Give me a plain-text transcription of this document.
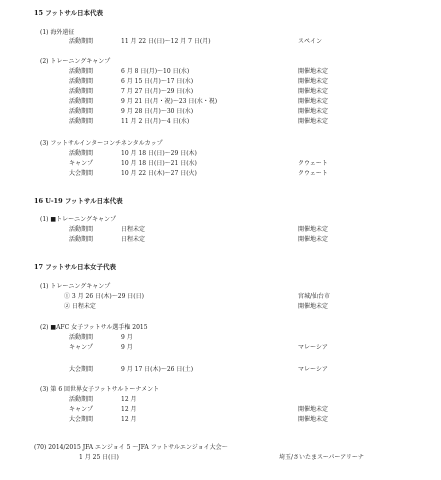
15 フットサル日本代表
(1) 海外遠征
活動期間	11 月 22 日(日)～12 月 7 日(月)	スペイン
(2) トレーニングキャンプ
活動期間	6 月 8 日(月)～10 日(水)	開催地未定
活動期間	6 月 15 日(月)～17 日(水)	開催地未定
活動期間	7 月 27 日(月)～29 日(水)	開催地未定
活動期間	9 月 21 日(月・祝)～23 日(水・祝)	開催地未定
活動期間	9 月 28 日(月)～30 日(水)	開催地未定
活動期間	11 月 2 日(月)～4 日(水)	開催地未定
(3) フットサルインターコンチネンタルカップ
活動期間	10 月 18 日(日)～29 日(木)
キャンプ	10 月 18 日(日)～21 日(水)	クウェート
大会期間	10 月 22 日(木)～27 日(火)	クウェート
16 U-19 フットサル日本代表
(1) ■トレーニングキャンプ
活動期間	日程未定	開催地未定
活動期間	日程未定	開催地未定
17 フットサル日本女子代表
(1) トレーニングキャンプ
① 3 月 26 日(木)～29 日(日)	宮城/仙台市
② 日程未定	開催地未定
(2) ■AFC 女子フットサル選手権 2015
活動期間	9 月
キャンプ	9 月	マレーシア
大会期間	9 月 17 日(木)～26 日(土)	マレーシア
(3) 第 6 回世界女子フットサルトーナメント
活動期間	12 月
キャンプ	12 月	開催地未定
大会期間	12 月	開催地未定
(70) 2014/2015 JFA エンジョイ 5 ～JFA フットサルエンジョイ大会～
1 月 25 日(日)	埼玉/さいたまスーパーアリーナ
